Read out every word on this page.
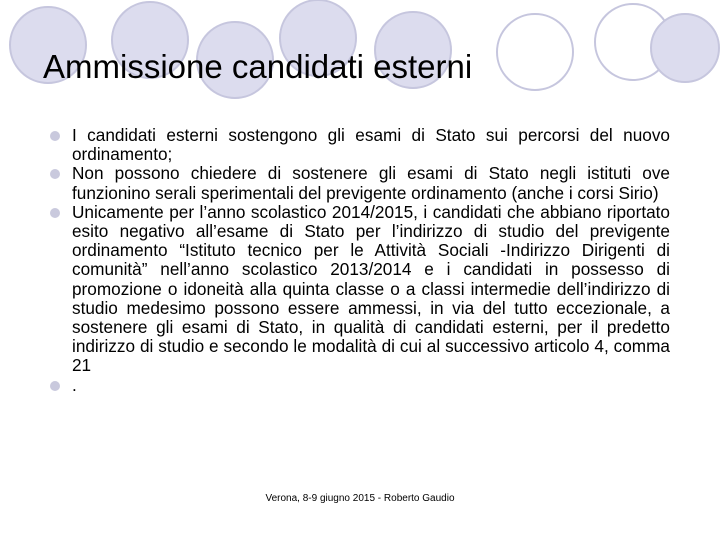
Ammissione candidati esterni
I candidati esterni sostengono gli esami di Stato sui percorsi del nuovo ordinamento;
Non possono chiedere di sostenere gli esami di Stato negli istituti ove funzionino serali sperimentali del previgente ordinamento (anche i corsi Sirio)
Unicamente per l’anno scolastico 2014/2015, i candidati che abbiano riportato esito negativo all’esame di Stato per l’indirizzo di studio del previgente ordinamento “Istituto tecnico per le Attività Sociali -Indirizzo Dirigenti di comunità” nell’anno scolastico 2013/2014 e i candidati in possesso di promozione o idoneità alla quinta classe o a classi intermedie dell’indirizzo di studio medesimo possono essere ammessi, in via del tutto eccezionale, a sostenere gli esami di Stato, in qualità di candidati esterni, per il predetto indirizzo di studio e secondo le modalità di cui al successivo articolo 4, comma 21
.
Verona, 8-9 giugno 2015 - Roberto Gaudio
